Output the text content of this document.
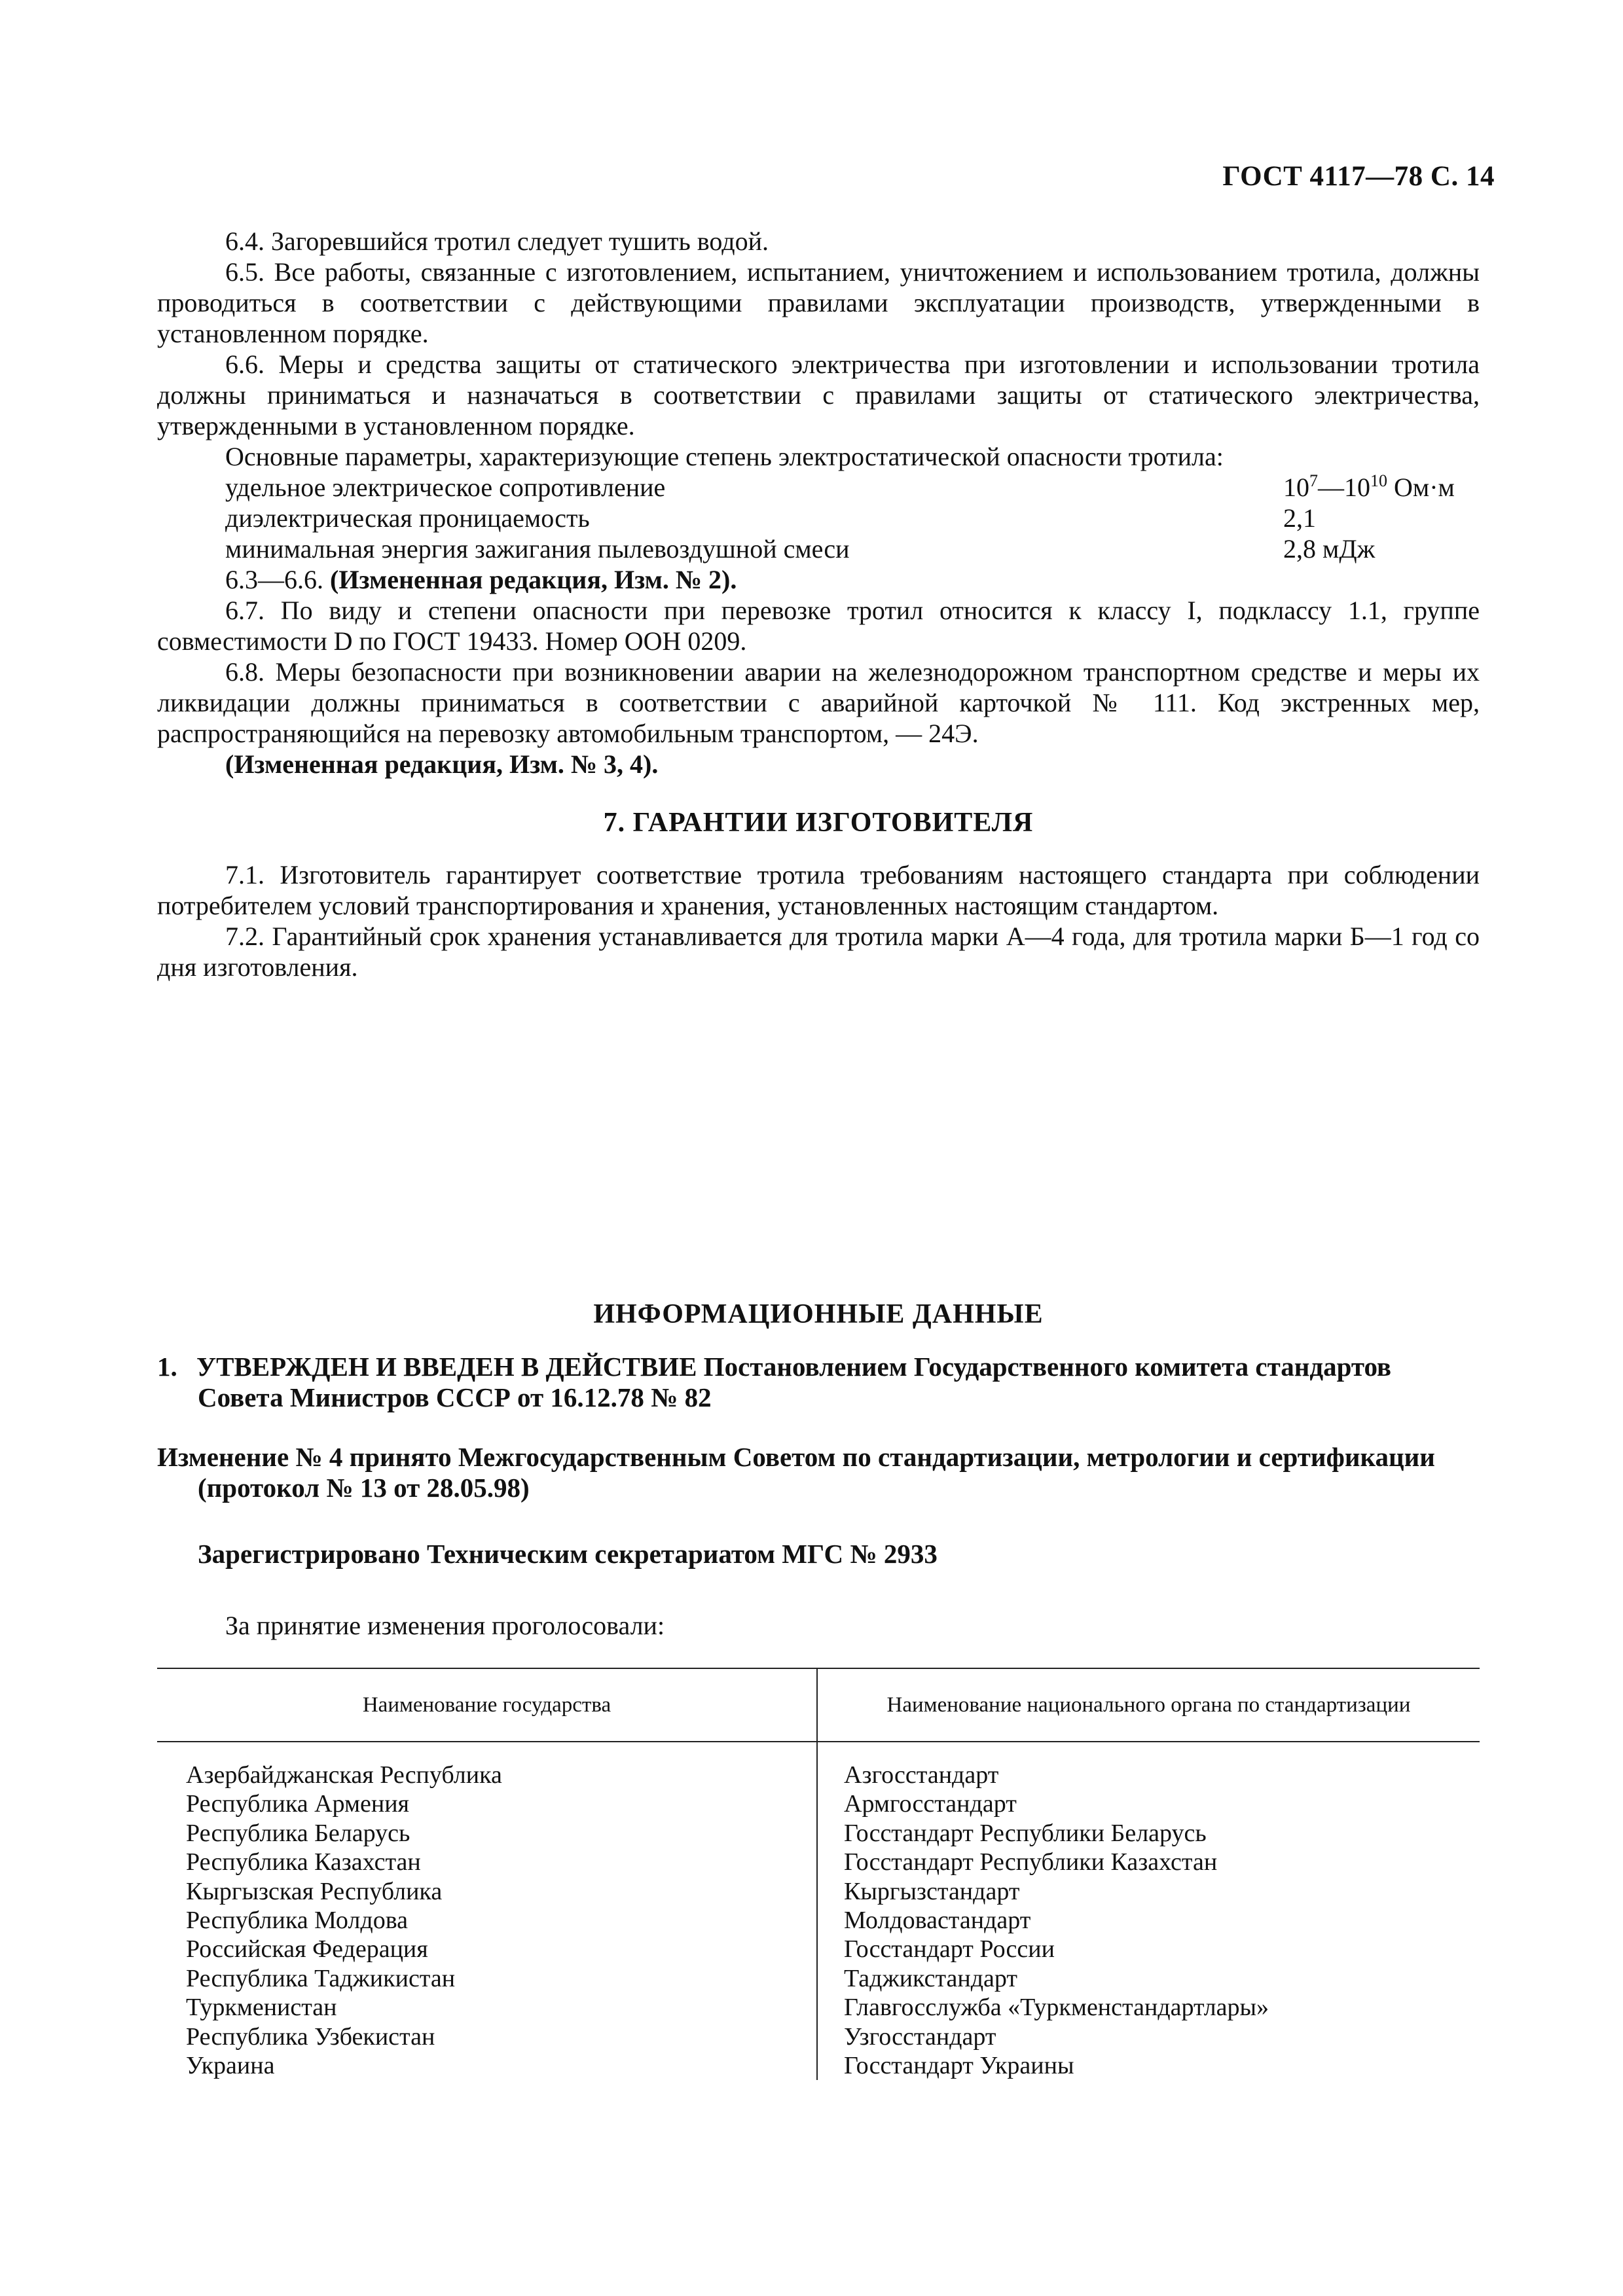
ГОСТ 4117—78 С. 14

6.4. Загоревшийся тротил следует тушить водой.

6.5. Все работы, связанные с изготовлением, испытанием, уничтожением и использованием тротила, должны проводиться в соответствии с действующими правилами эксплуатации производств, утвержденными в установленном порядке.

6.6. Меры и средства защиты от статического электричества при изготовлении и использовании тротила должны приниматься и назначаться в соответствии с правилами защиты от статического электричества, утвержденными в установленном порядке.

Основные параметры, характеризующие степень электростатической опасности тротила:

удельное электрическое сопротивление	$10^7—10^{10}$ Ом·м
диэлектрическая проницаемость	2,1
минимальная энергия зажигания пылевоздушной смеси	2,8 мДж

6.3—6.6. (Измененная редакция, Изм. № 2).

6.7. По виду и степени опасности при перевозке тротил относится к классу I, подклассу 1.1, группе совместимости D по ГОСТ 19433. Номер ООН 0209.

6.8. Меры безопасности при возникновении аварии на железнодорожном транспортном средстве и меры их ликвидации должны приниматься в соответствии с аварийной карточкой № 111. Код экстренных мер, распространяющийся на перевозку автомобильным транспортом, — 24Э.

(Измененная редакция, Изм. № 3, 4).

7. ГАРАНТИИ ИЗГОТОВИТЕЛЯ

7.1. Изготовитель гарантирует соответствие тротила требованиям настоящего стандарта при соблюдении потребителем условий транспортирования и хранения, установленных настоящим стандартом.

7.2. Гарантийный срок хранения устанавливается для тротила марки А—4 года, для тротила марки Б—1 год со дня изготовления.

ИНФОРМАЦИОННЫЕ ДАННЫЕ
1. УТВЕРЖДЕН И ВВЕДЕН В ДЕЙСТВИЕ Постановлением Государственного комитета стандартов
Совета Министров СССР от 16.12.78 № 82
Изменение № 4 принято Межгосударственным Советом по стандартизации, метрологии и сертификации
(протокол № 13 от 28.05.98)
Зарегистрировано Техническим секретариатом МГС № 2933
За принятие изменения проголосовали:
Наименование государства	Наименование национального органа по стандартизации
Азербайджанская Республика	Азгосстандарт
Республика Армения	Армгосстандарт
Республика Беларусь	Госстандарт Республики Беларусь
Республика Казахстан	Госстандарт Республики Казахстан
Кыргызская Республика	Кыргызстандарт
Республика Молдова	Молдовастандарт
Российская Федерация	Госстандарт России
Республика Таджикистан	Таджикстандарт
Туркменистан	Главгосслужба «Туркменстандартлары»
Республика Узбекистан	Узгосстандарт
Украина	Госстандарт Украины
